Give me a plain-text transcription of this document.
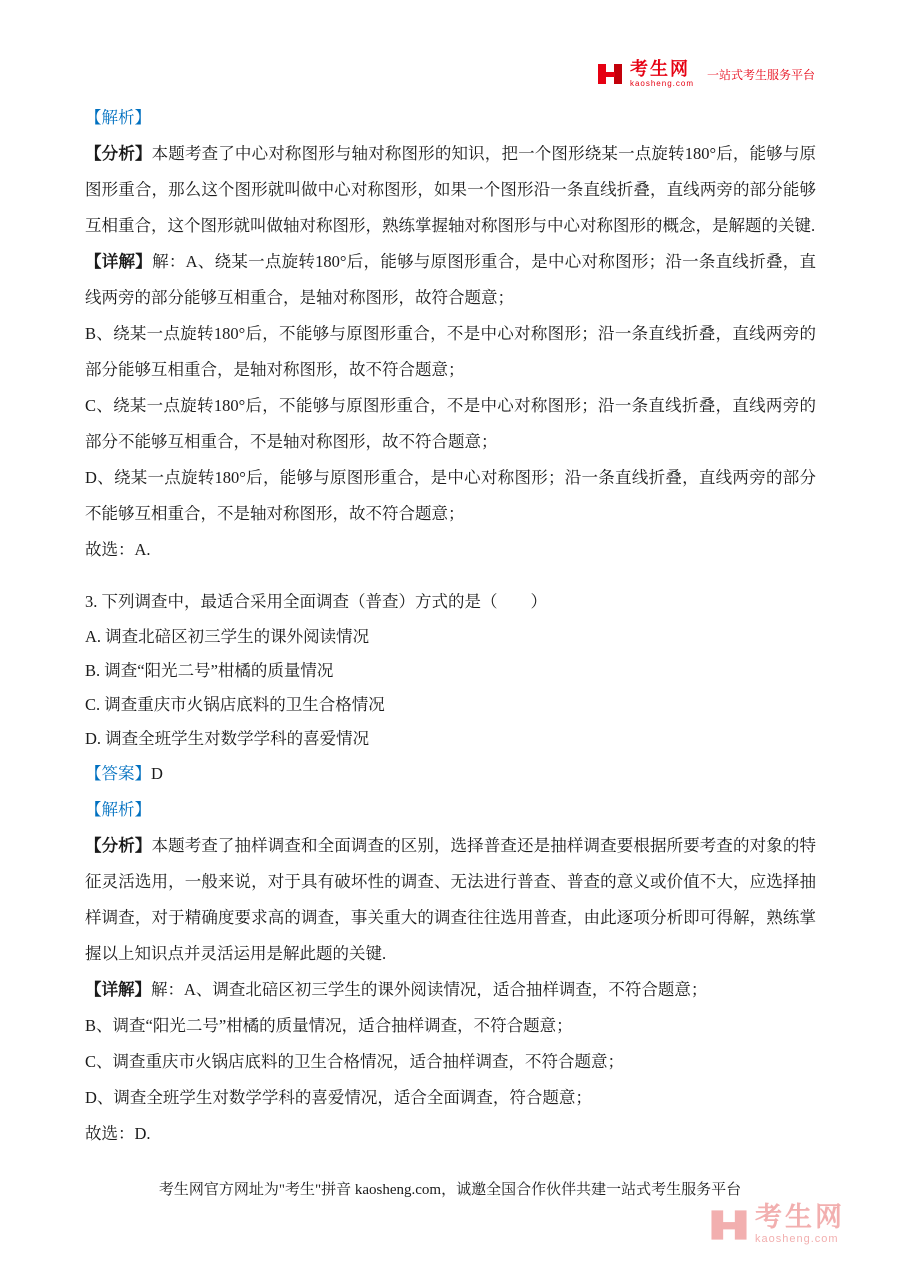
考生网
kaosheng.com
一站式考生服务平台
【解析】
【分析】本题考查了中心对称图形与轴对称图形的知识，把一个图形绕某一点旋转180°后，能够与原图形重合，那么这个图形就叫做中心对称图形，如果一个图形沿一条直线折叠，直线两旁的部分能够互相重合，这个图形就叫做轴对称图形，熟练掌握轴对称图形与中心对称图形的概念，是解题的关键.
【详解】解：A、绕某一点旋转180°后，能够与原图形重合，是中心对称图形；沿一条直线折叠，直线两旁的部分能够互相重合，是轴对称图形，故符合题意；
B、绕某一点旋转180°后，不能够与原图形重合，不是中心对称图形；沿一条直线折叠，直线两旁的部分能够互相重合，是轴对称图形，故不符合题意；
C、绕某一点旋转180°后，不能够与原图形重合，不是中心对称图形；沿一条直线折叠，直线两旁的部分不能够互相重合，不是轴对称图形，故不符合题意；
D、绕某一点旋转180°后，能够与原图形重合，是中心对称图形；沿一条直线折叠，直线两旁的部分不能够互相重合，不是轴对称图形，故不符合题意；
故选：A.
3. 下列调查中，最适合采用全面调查（普查）方式的是（　　）
A. 调查北碚区初三学生的课外阅读情况
B. 调查“阳光二号”柑橘的质量情况
C. 调查重庆市火锅店底料的卫生合格情况
D. 调查全班学生对数学学科的喜爱情况
【答案】D
【解析】
【分析】本题考查了抽样调查和全面调查的区别，选择普查还是抽样调查要根据所要考查的对象的特征灵活选用，一般来说，对于具有破坏性的调查、无法进行普查、普查的意义或价值不大，应选择抽样调查，对于精确度要求高的调查，事关重大的调查往往选用普查，由此逐项分析即可得解，熟练掌握以上知识点并灵活运用是解此题的关键.
【详解】解：A、调查北碚区初三学生的课外阅读情况，适合抽样调查，不符合题意；
B、调查“阳光二号”柑橘的质量情况，适合抽样调查，不符合题意；
C、调查重庆市火锅店底料的卫生合格情况，适合抽样调查，不符合题意；
D、调查全班学生对数学学科的喜爱情况，适合全面调查，符合题意；
故选：D.
考生网官方网址为"考生"拼音 kaosheng.com，诚邀全国合作伙伴共建一站式考生服务平台
考生网
kaosheng.com
